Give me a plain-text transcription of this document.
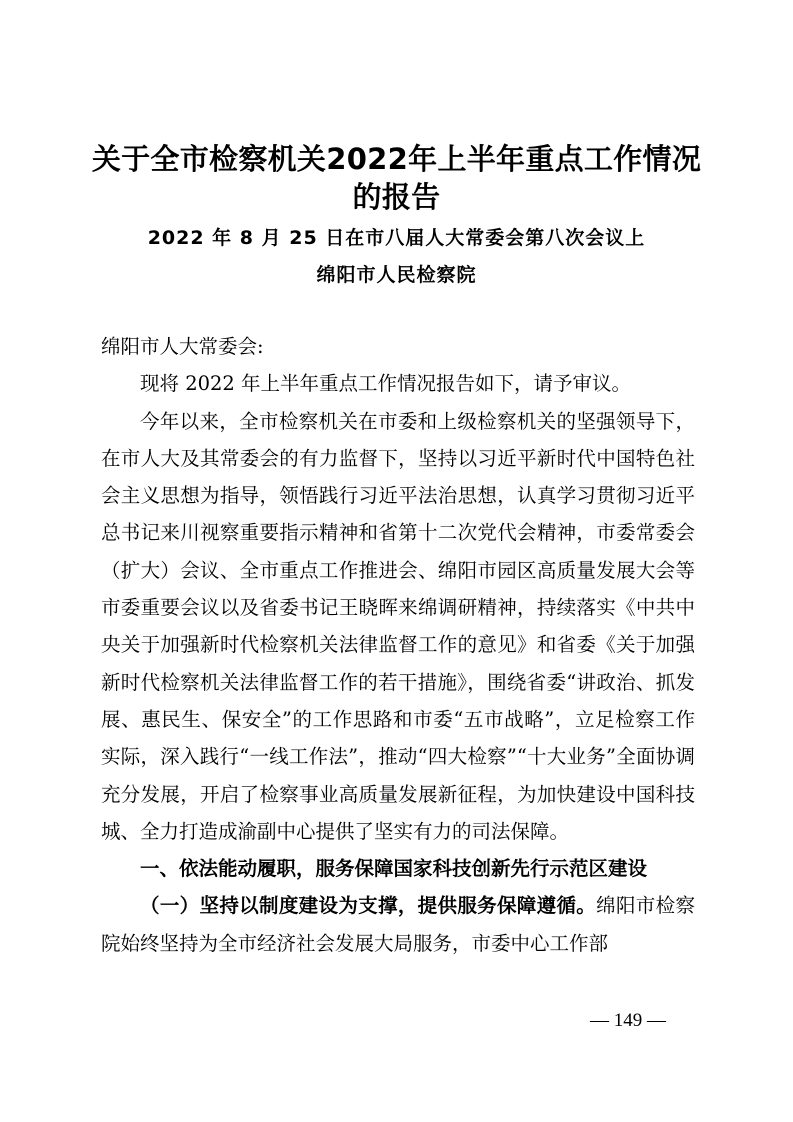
关于全市检察机关2022年上半年重点工作情况
的报告
2022 年 8 月 25 日在市八届人大常委会第八次会议上
绵阳市人民检察院

绵阳市人大常委会:

现将 2022 年上半年重点工作情况报告如下，请予审议。

今年以来，全市检察机关在市委和上级检察机关的坚强领导下，在市人大及其常委会的有力监督下，坚持以习近平新时代中国特色社会主义思想为指导，领悟践行习近平法治思想，认真学习贯彻习近平总书记来川视察重要指示精神和省第十二次党代会精神，市委常委会（扩大）会议、全市重点工作推进会、绵阳市园区高质量发展大会等市委重要会议以及省委书记王晓晖来绵调研精神，持续落实《中共中央关于加强新时代检察机关法律监督工作的意见》和省委《关于加强新时代检察机关法律监督工作的若干措施》，围绕省委“讲政治、抓发展、惠民生、保安全”的工作思路和市委“五市战略”，立足检察工作实际，深入践行“一线工作法”，推动“四大检察”“十大业务”全面协调充分发展，开启了检察事业高质量发展新征程，为加快建设中国科技城、全力打造成渝副中心提供了坚实有力的司法保障。

一、依法能动履职，服务保障国家科技创新先行示范区建设

（一）坚持以制度建设为支撑，提供服务保障遵循。绵阳市检察院始终坚持为全市经济社会发展大局服务，市委中心工作部

— 149 —
